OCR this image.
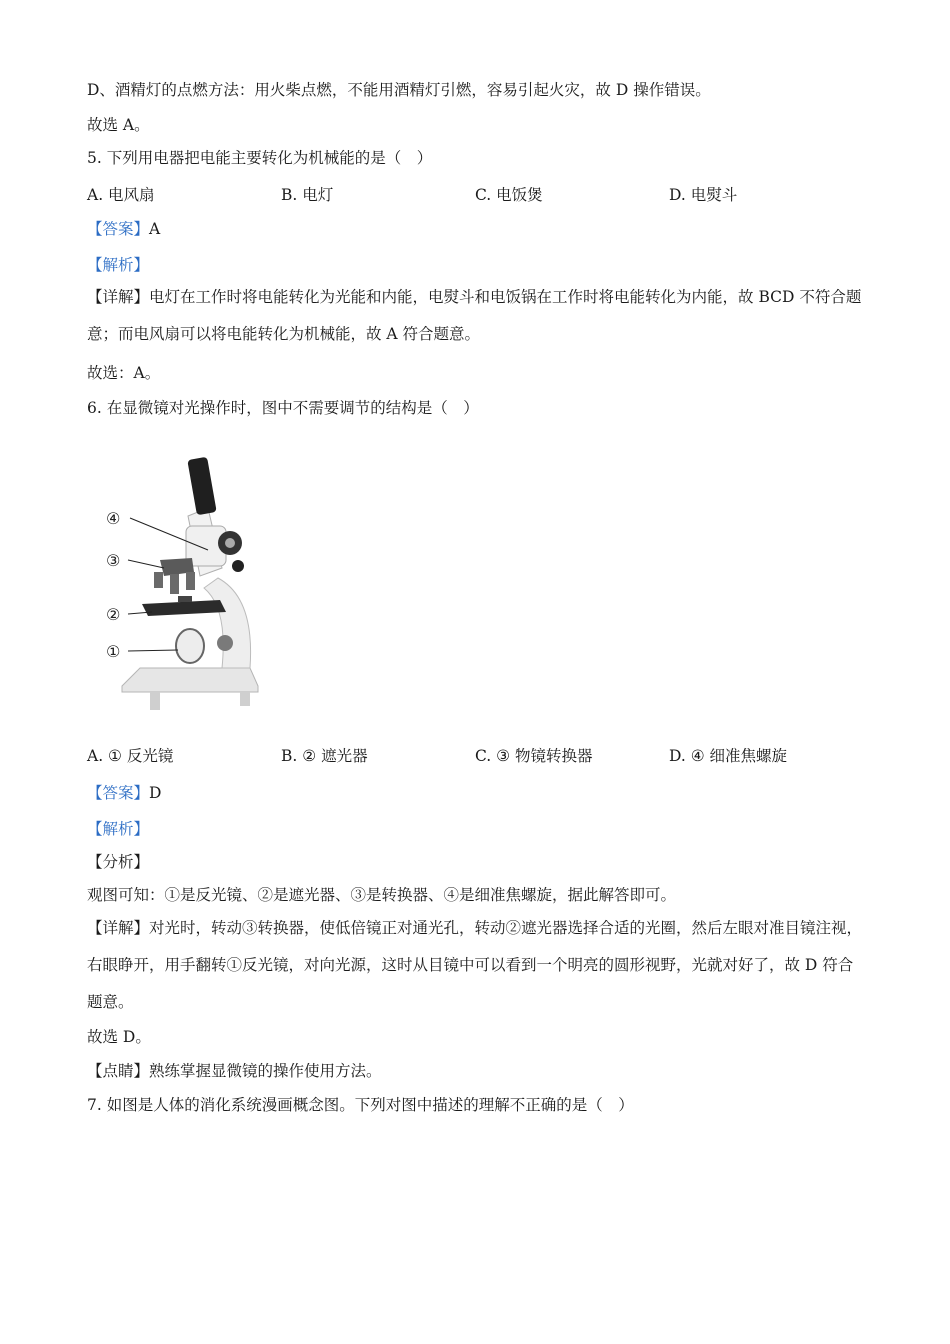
D、酒精灯的点燃方法：用火柴点燃，不能用酒精灯引燃，容易引起火灾，故 D 操作错误。
故选 A。
5. 下列用电器把电能主要转化为机械能的是（　）
A. 电风扇	B. 电灯	C. 电饭煲	D. 电熨斗
【答案】A
【解析】
【详解】电灯在工作时将电能转化为光能和内能，电熨斗和电饭锅在工作时将电能转化为内能，故 BCD 不符合题意；而电风扇可以将电能转化为机械能，故 A 符合题意。
故选：A。
6. 在显微镜对光操作时，图中不需要调节的结构是（　）
④
③
②
①
A. ① 反光镜	B. ② 遮光器	C. ③ 物镜转换器	D. ④ 细准焦螺旋
【答案】D
【解析】
【分析】
观图可知：①是反光镜、②是遮光器、③是转换器、④是细准焦螺旋，据此解答即可。
【详解】对光时，转动③转换器，使低倍镜正对通光孔，转动②遮光器选择合适的光圈，然后左眼对准目镜注视，右眼睁开，用手翻转①反光镜，对向光源，这时从目镜中可以看到一个明亮的圆形视野，光就对好了，故 D 符合题意。
故选 D。
【点睛】熟练掌握显微镜的操作使用方法。
7. 如图是人体的消化系统漫画概念图。下列对图中描述的理解不正确的是（　）
